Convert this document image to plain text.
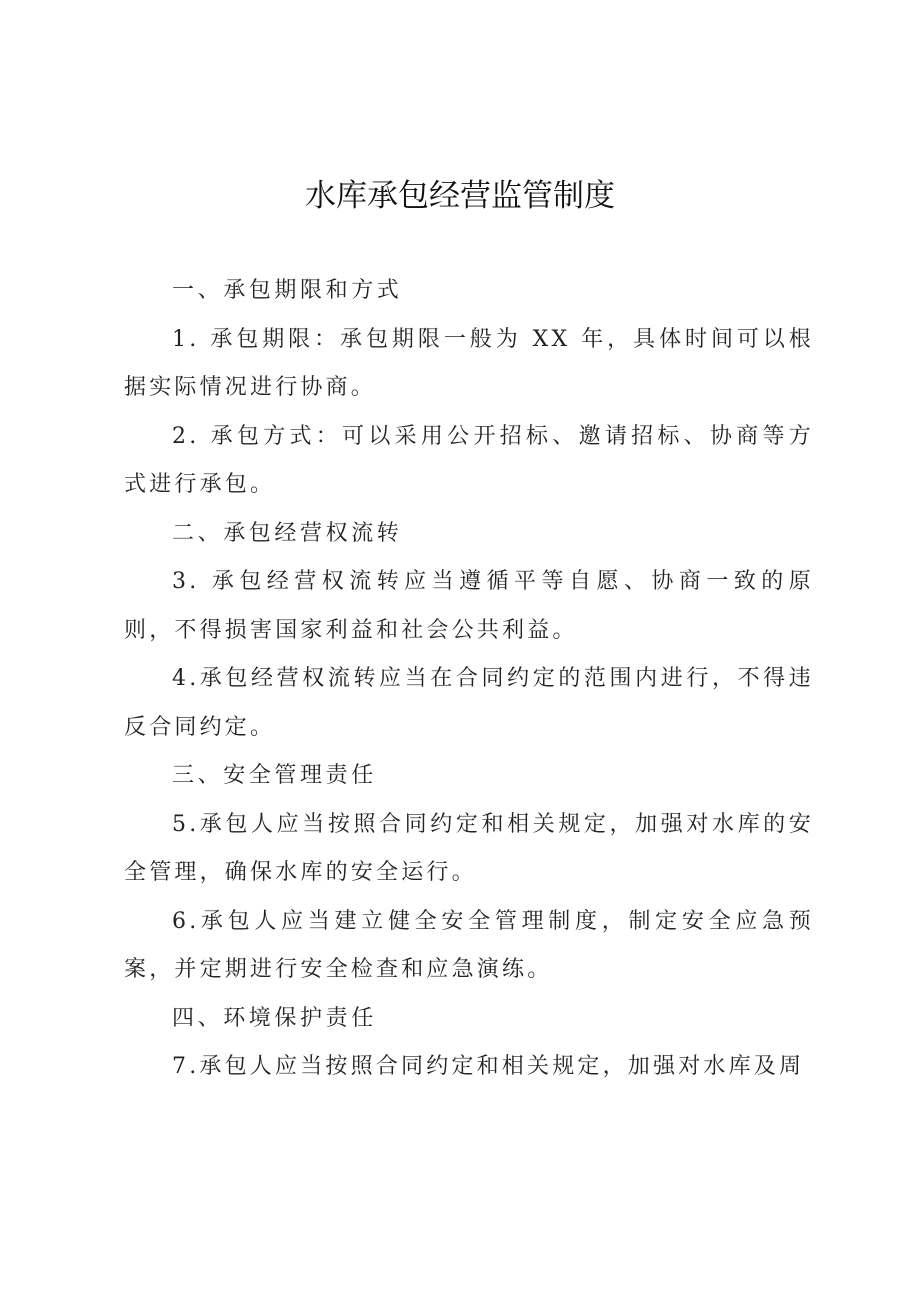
水库承包经营监管制度

一、承包期限和方式

1. 承包期限：承包期限一般为 XX 年，具体时间可以根据实际情况进行协商。

2. 承包方式：可以采用公开招标、邀请招标、协商等方式进行承包。

二、承包经营权流转

3. 承包经营权流转应当遵循平等自愿、协商一致的原则，不得损害国家利益和社会公共利益。

4.承包经营权流转应当在合同约定的范围内进行，不得违反合同约定。

三、安全管理责任

5.承包人应当按照合同约定和相关规定，加强对水库的安全管理，确保水库的安全运行。

6.承包人应当建立健全安全管理制度，制定安全应急预案，并定期进行安全检查和应急演练。

四、环境保护责任

7.承包人应当按照合同约定和相关规定，加强对水库及周
